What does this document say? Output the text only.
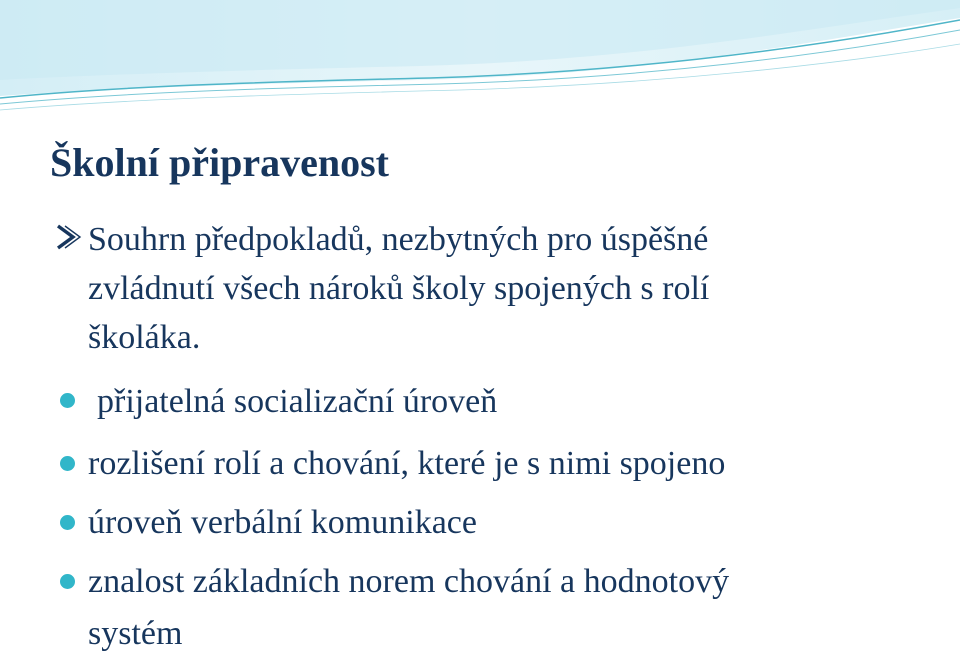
Školní připravenost

Souhrn předpokladů, nezbytných pro úspěšné

zvládnutí všech nároků školy spojených s rolí

školáka.

přijatelná socializační úroveň

rozlišení rolí a chování, které je s nimi spojeno

úroveň verbální komunikace

znalost základních norem chování a hodnotový

systém
